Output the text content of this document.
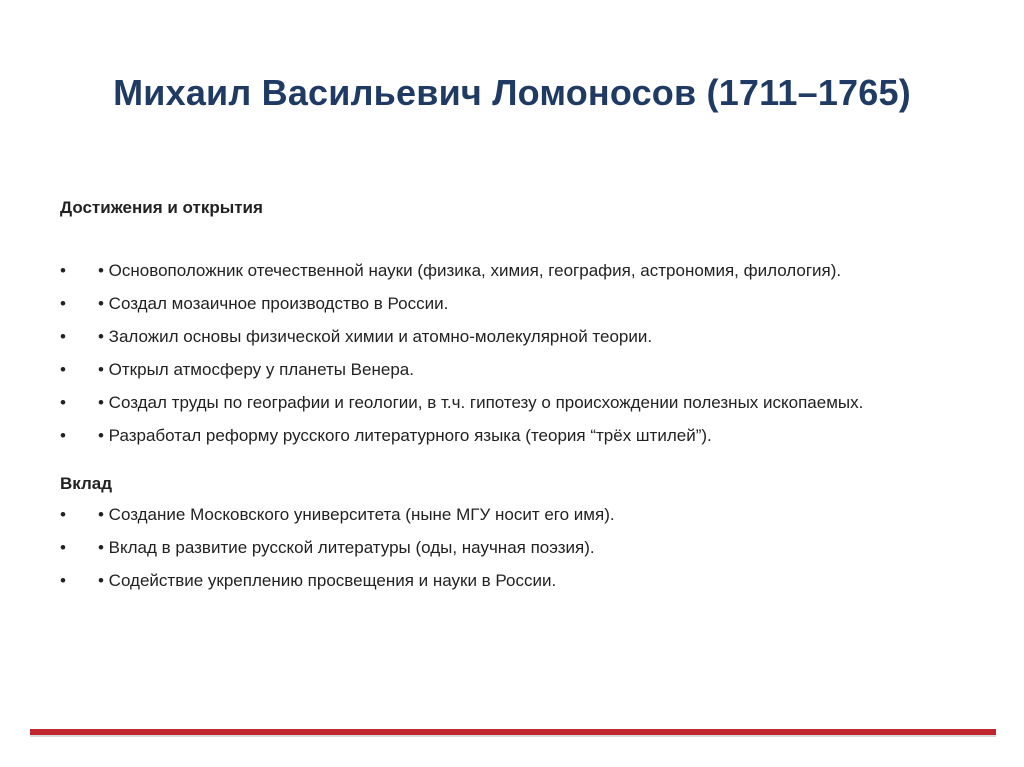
Михаил Васильевич Ломоносов (1711–1765)
Достижения и открытия
•	• Основоположник отечественной науки (физика, химия, география, астрономия, филология).
•	• Создал мозаичное производство в России.
•	• Заложил основы физической химии и атомно-молекулярной теории.
•	• Открыл атмосферу у планеты Венера.
•	• Создал труды по географии и геологии, в т.ч. гипотезу о происхождении полезных ископаемых.
•	• Разработал реформу русского литературного языка (теория “трёх штилей”).
Вклад
•	• Создание Московского университета (ныне МГУ носит его имя).
•	• Вклад в развитие русской литературы (оды, научная поэзия).
•	• Содействие укреплению просвещения и науки в России.
